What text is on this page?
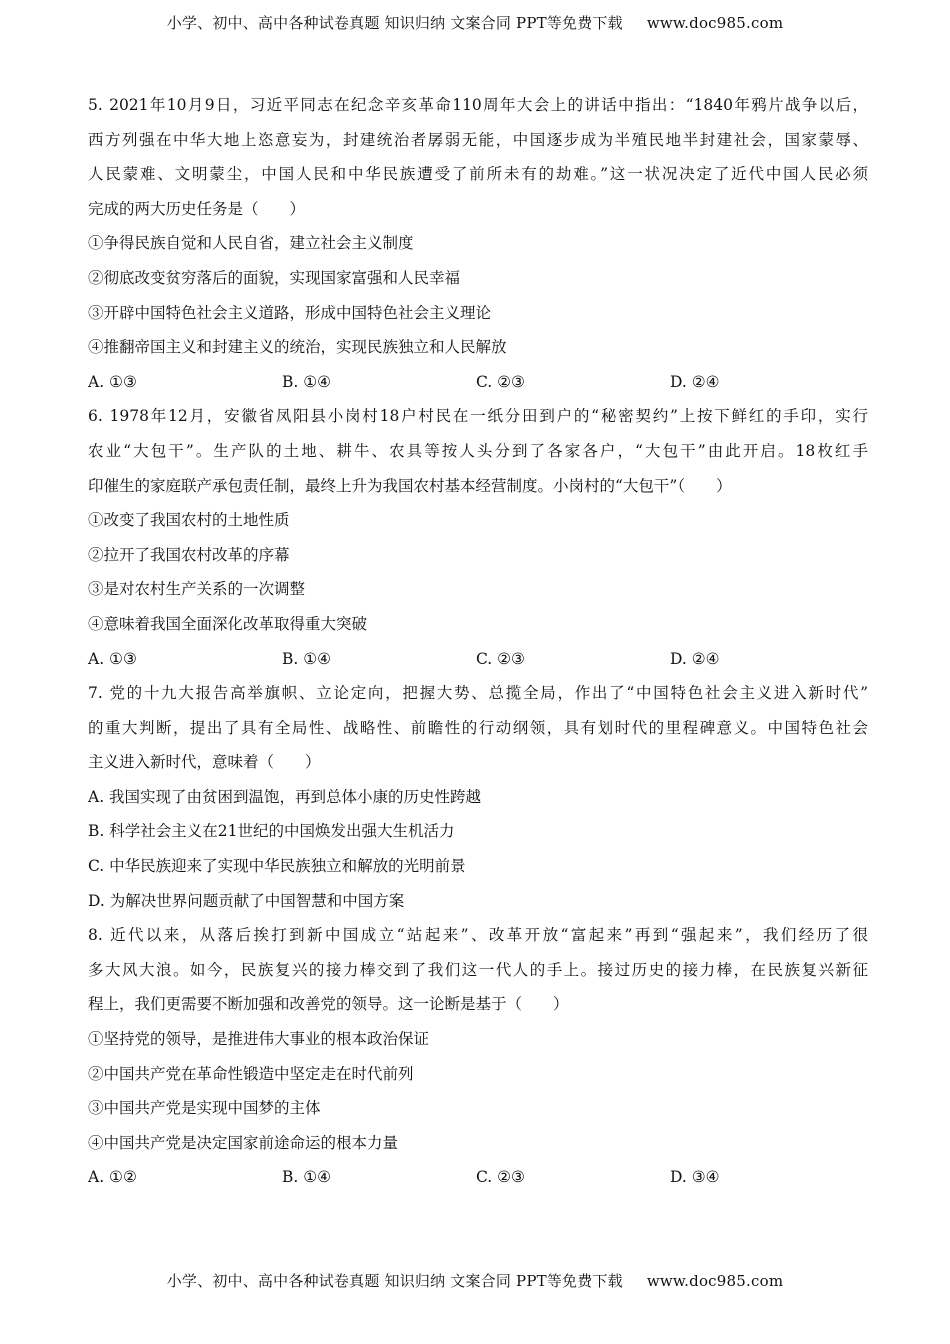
小学、初中、高中各种试卷真题 知识归纳 文案合同 PPT等免费下载 www.doc985.com
5. 2021年10月9日，习近平同志在纪念辛亥革命110周年大会上的讲话中指出：“1840年鸦片战争以后，
西方列强在中华大地上恣意妄为，封建统治者孱弱无能，中国逐步成为半殖民地半封建社会，国家蒙辱、
人民蒙难、文明蒙尘，中国人民和中华民族遭受了前所未有的劫难。”这一状况决定了近代中国人民必须
完成的两大历史任务是（　　）
①争得民族自觉和人民自省，建立社会主义制度
②彻底改变贫穷落后的面貌，实现国家富强和人民幸福
③开辟中国特色社会主义道路，形成中国特色社会主义理论
④推翻帝国主义和封建主义的统治，实现民族独立和人民解放
A. ①③	B. ①④	C. ②③	D. ②④
6. 1978年12月，安徽省凤阳县小岗村18户村民在一纸分田到户的“秘密契约”上按下鲜红的手印，实行
农业“大包干”。生产队的土地、耕牛、农具等按人头分到了各家各户，“大包干”由此开启。18枚红手
印催生的家庭联产承包责任制，最终上升为我国农村基本经营制度。小岗村的“大包干”（　　）
①改变了我国农村的土地性质
②拉开了我国农村改革的序幕
③是对农村生产关系的一次调整
④意味着我国全面深化改革取得重大突破
A. ①③	B. ①④	C. ②③	D. ②④
7. 党的十九大报告高举旗帜、立论定向，把握大势、总揽全局，作出了“中国特色社会主义进入新时代”
的重大判断，提出了具有全局性、战略性、前瞻性的行动纲领，具有划时代的里程碑意义。中国特色社会
主义进入新时代，意味着（　　）
A. 我国实现了由贫困到温饱，再到总体小康的历史性跨越
B. 科学社会主义在21世纪的中国焕发出强大生机活力
C. 中华民族迎来了实现中华民族独立和解放的光明前景
D. 为解决世界问题贡献了中国智慧和中国方案
8. 近代以来，从落后挨打到新中国成立“站起来”、改革开放“富起来”再到“强起来”，我们经历了很
多大风大浪。如今，民族复兴的接力棒交到了我们这一代人的手上。接过历史的接力棒，在民族复兴新征
程上，我们更需要不断加强和改善党的领导。这一论断是基于（　　）
①坚持党的领导，是推进伟大事业的根本政治保证
②中国共产党在革命性锻造中坚定走在时代前列
③中国共产党是实现中国梦的主体
④中国共产党是决定国家前途命运的根本力量
A. ①②	B. ①④	C. ②③	D. ③④
小学、初中、高中各种试卷真题 知识归纳 文案合同 PPT等免费下载 www.doc985.com
